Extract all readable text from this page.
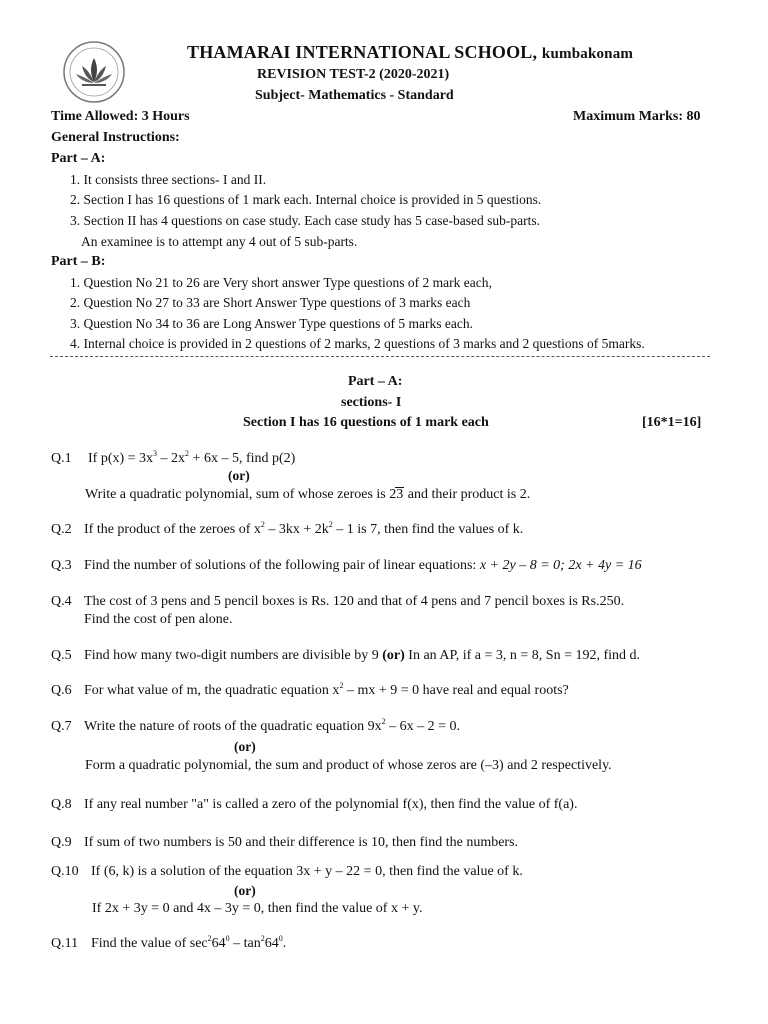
THAMARAI INTERNATIONAL SCHOOL, kumbakonam
REVISION TEST-2 (2020-2021)
Subject- Mathematics - Standard
Time Allowed: 3 Hours	Maximum Marks: 80
General Instructions:
Part – A:
1. It consists three sections- I and II.
2. Section I has 16 questions of 1 mark each. Internal choice is provided in 5 questions.
3. Section II has 4 questions on case study. Each case study has 5 case-based sub-parts.
An examinee is to attempt any 4 out of 5 sub-parts.
Part – B:
1. Question No 21 to 26 are Very short answer Type questions of 2 mark each,
2. Question No 27 to 33 are Short Answer Type questions of 3 marks each
3. Question No 34 to 36 are Long Answer Type questions of 5 marks each.
4. Internal choice is provided in 2 questions of 2 marks, 2 questions of 3 marks and 2 questions of 5marks.
Part – A:
sections- I
Section I has 16 questions of 1 mark each	[16*1=16]
Q.1 If $p(x) = 3x^3 - 2x^2 + 6x - 5$, find p(2)
(or)
Write a quadratic polynomial, sum of whose zeroes is 23 and their product is 2.
Q.2 If the product of the zeroes of $x^2 - 3kx + 2k^2 - 1$ is 7, then find the values of k.
Q.3 Find the number of solutions of the following pair of linear equations: x + 2y – 8 = 0; 2x + 4y = 16
Q.4 The cost of 3 pens and 5 pencil boxes is Rs. 120 and that of 4 pens and 7 pencil boxes is Rs.250.
Find the cost of pen alone.
Q.5 Find how many two-digit numbers are divisible by 9 (or) In an AP, if a = 3, n = 8, Sn = 192, find d.
Q.6 For what value of m, the quadratic equation $x^2$ – mx + 9 = 0 have real and equal roots?
Q.7 Write the nature of roots of the quadratic equation $9x^2 - 6x - 2 = 0$.
(or)
Form a quadratic polynomial, the sum and product of whose zeros are (–3) and 2 respectively.
Q.8 If any real number "a" is called a zero of the polynomial f(x), then find the value of f(a).
Q.9 If sum of two numbers is 50 and their difference is 10, then find the numbers.
Q.10 If (6, k) is a solution of the equation 3x + y – 22 = 0, then find the value of k.
(or)
If 2x + 3y = 0 and 4x – 3y = 0, then find the value of x + y.
Q.11 Find the value of $\sec^264^0 - \tan^264^0$.
